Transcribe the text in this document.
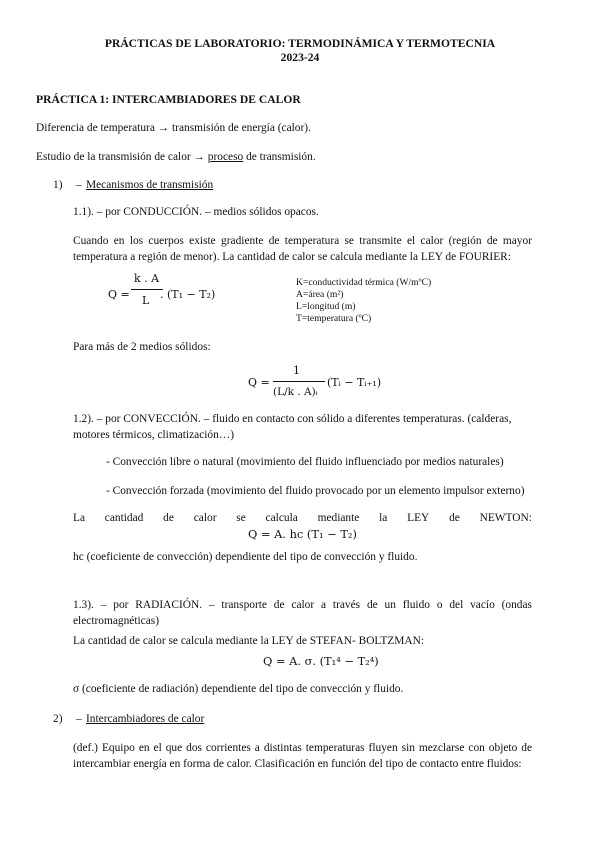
PRÁCTICAS DE LABORATORIO: TERMODINÁMICA Y TERMOTECNIA
2023-24
PRÁCTICA 1: INTERCAMBIADORES DE CALOR
Diferencia de temperatura → transmisión de energía (calor).
Estudio de la transmisión de calor → proceso de transmisión.
1) – Mecanismos de transmisión
1.1). – por CONDUCCIÓN. – medios sólidos opacos.
Cuando en los cuerpos existe gradiente de temperatura se transmite el calor (región de mayor temperatura a región de menor). La cantidad de calor se calcula mediante la LEY de FOURIER:
Q =
k . A
L . (T₁ − T₂)
K=conductividad térmica (W/mºC)
A=área (m²)
L=longitud (m)
T=temperatura (ºC)
Para más de 2 medios sólidos:
Q =
1
(L/k . A)ᵢ
(Tᵢ − Tᵢ₊₁)
1.2). – por CONVECCIÓN. – fluido en contacto con sólido a diferentes temperaturas. (calderas,
motores térmicos, climatización…)
- Convección libre o natural (movimiento del fluido influenciado por medios naturales)
- Convección forzada (movimiento del fluido provocado por un elemento impulsor externo)
La cantidad de calor se calcula mediante la LEY de NEWTON:
Q = A. hc (T₁ − T₂)
hc (coeficiente de convección) dependiente del tipo de convección y fluido.
1.3). – por RADIACIÓN. – transporte de calor a través de un fluido o del vacío (ondas electromagnéticas)
La cantidad de calor se calcula mediante la LEY de STEFAN- BOLTZMAN:
Q = A. σ. (T₁⁴ − T₂⁴)
σ (coeficiente de radiación) dependiente del tipo de convección y fluido.
2) – Intercambiadores de calor
(def.) Equipo en el que dos corrientes a distintas temperaturas fluyen sin mezclarse con objeto de intercambiar energía en forma de calor. Clasificación en función del tipo de contacto entre fluidos:
